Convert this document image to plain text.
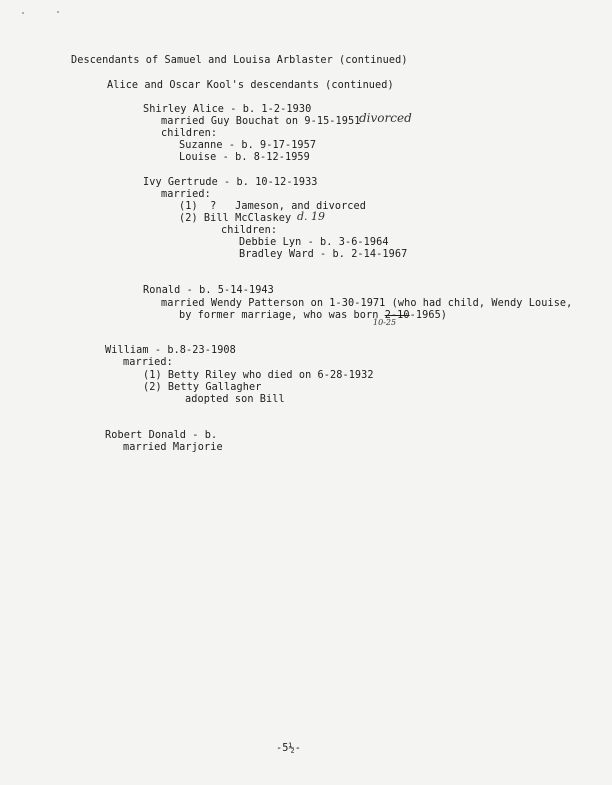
Descendants of Samuel and Louisa Arblaster (continued)
Alice and Oscar Kool's descendants (continued)
Shirley Alice - b. 1-2-1930
married Guy Bouchat on 9-15-1951
divorced
children:
Suzanne - b. 9-17-1957
Louise - b. 8-12-1959
Ivy Gertrude - b. 10-12-1933
married:
(1)  ?   Jameson, and divorced
(2) Bill McClaskey d. 19
children:
Debbie Lyn - b. 3-6-1964
Bradley Ward - b. 2-14-1967
Ronald - b. 5-14-1943
married Wendy Patterson on 1-30-1971 (who had child, Wendy Louise,
by former marriage, who was born 2-10-1965)
10-25
William - b.8-23-1908
married:
(1) Betty Riley who died on 6-28-1932
(2) Betty Gallagher
adopted son Bill
Robert Donald - b.
married Marjorie
-5½-
